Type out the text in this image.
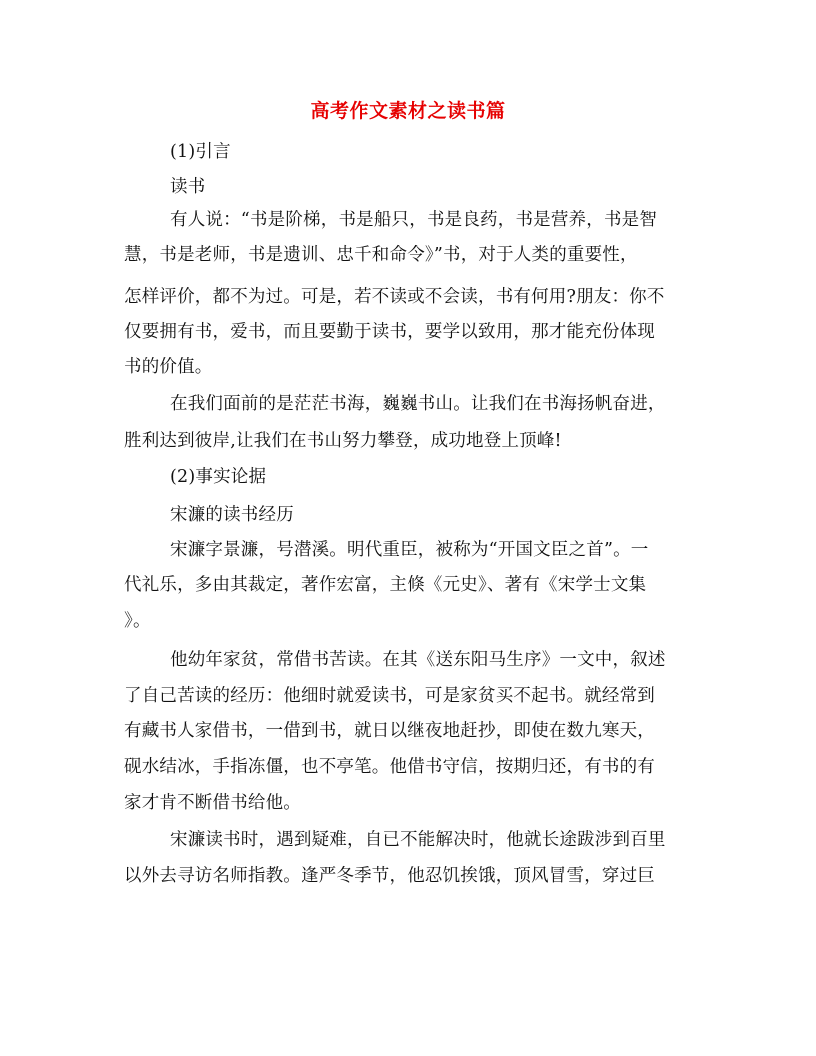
高考作文素材之读书篇
(1)引言
读书
有人说：“书是阶梯，书是船只，书是良药，书是营养，书是智
慧，书是老师，书是遗训、忠千和命令》”书，对于人类的重要性，
怎样评价，都不为过。可是，若不读或不会读，书有何用?朋友：你不
仅要拥有书，爱书，而且要勤于读书，要学以致用，那才能充份体现
书的价值。
在我们面前的是茫茫书海，巍巍书山。让我们在书海扬帆奋进，
胜利达到彼岸,让我们在书山努力攀登，成功地登上顶峰!
(2)事实论据
宋濂的读书经历
宋濂字景濂，号潜溪。明代重臣，被称为“开国文臣之首”。一
代礼乐，多由其裁定，著作宏富，主倏《元史》、著有《宋学士文集
》。
他幼年家贫，常借书苦读。在其《送东阳马生序》一文中，叙述
了自己苦读的经历：他细时就爱读书，可是家贫买不起书。就经常到
有藏书人家借书，一借到书，就日以继夜地赶抄，即使在数九寒天，
砚水结冰，手指冻僵，也不亭笔。他借书守信，按期归还，有书的有
家才肯不断借书给他。
宋濂读书时，遇到疑难，自已不能解决时，他就长途跋涉到百里
以外去寻访名师指教。逢严冬季节，他忍饥挨饿，顶风冒雪，穿过巨
